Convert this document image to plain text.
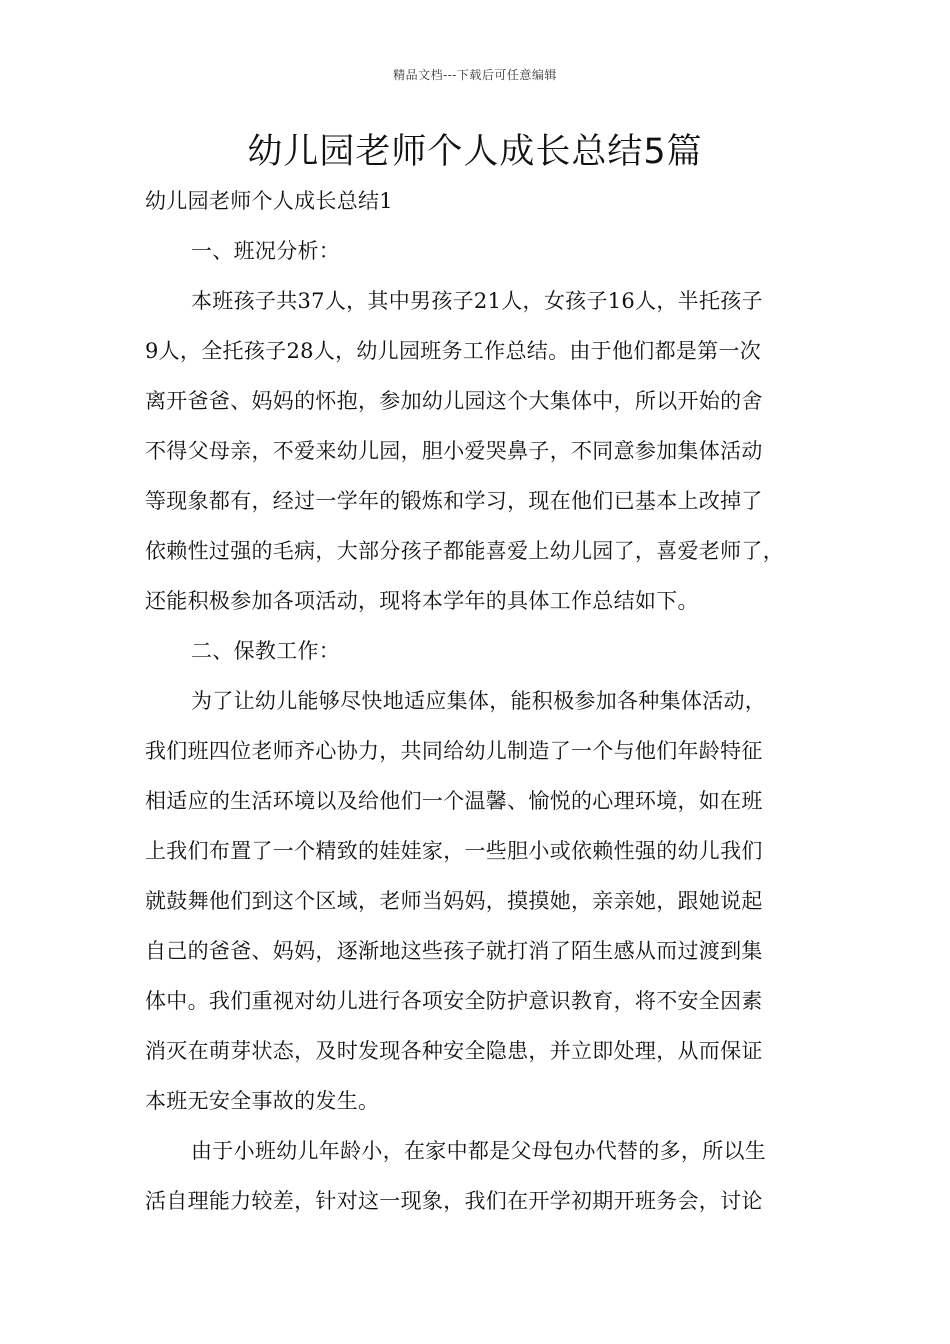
精品文档---下载后可任意编辑
幼儿园老师个人成长总结5篇
幼儿园老师个人成长总结1
一、班况分析：
本班孩子共37人，其中男孩子21人，女孩子16人，半托孩子
9人，全托孩子28人，幼儿园班务工作总结。由于他们都是第一次
离开爸爸、妈妈的怀抱，参加幼儿园这个大集体中，所以开始的舍
不得父母亲，不爱来幼儿园，胆小爱哭鼻子，不同意参加集体活动
等现象都有，经过一学年的锻炼和学习，现在他们已基本上改掉了
依赖性过强的毛病，大部分孩子都能喜爱上幼儿园了，喜爱老师了，
还能积极参加各项活动，现将本学年的具体工作总结如下。
二、保教工作：
为了让幼儿能够尽快地适应集体，能积极参加各种集体活动，
我们班四位老师齐心协力，共同给幼儿制造了一个与他们年龄特征
相适应的生活环境以及给他们一个温馨、愉悦的心理环境，如在班
上我们布置了一个精致的娃娃家，一些胆小或依赖性强的幼儿我们
就鼓舞他们到这个区域，老师当妈妈，摸摸她，亲亲她，跟她说起
自己的爸爸、妈妈，逐渐地这些孩子就打消了陌生感从而过渡到集
体中。我们重视对幼儿进行各项安全防护意识教育，将不安全因素
消灭在萌芽状态，及时发现各种安全隐患，并立即处理，从而保证
本班无安全事故的发生。
由于小班幼儿年龄小，在家中都是父母包办代替的多，所以生
活自理能力较差，针对这一现象，我们在开学初期开班务会，讨论
